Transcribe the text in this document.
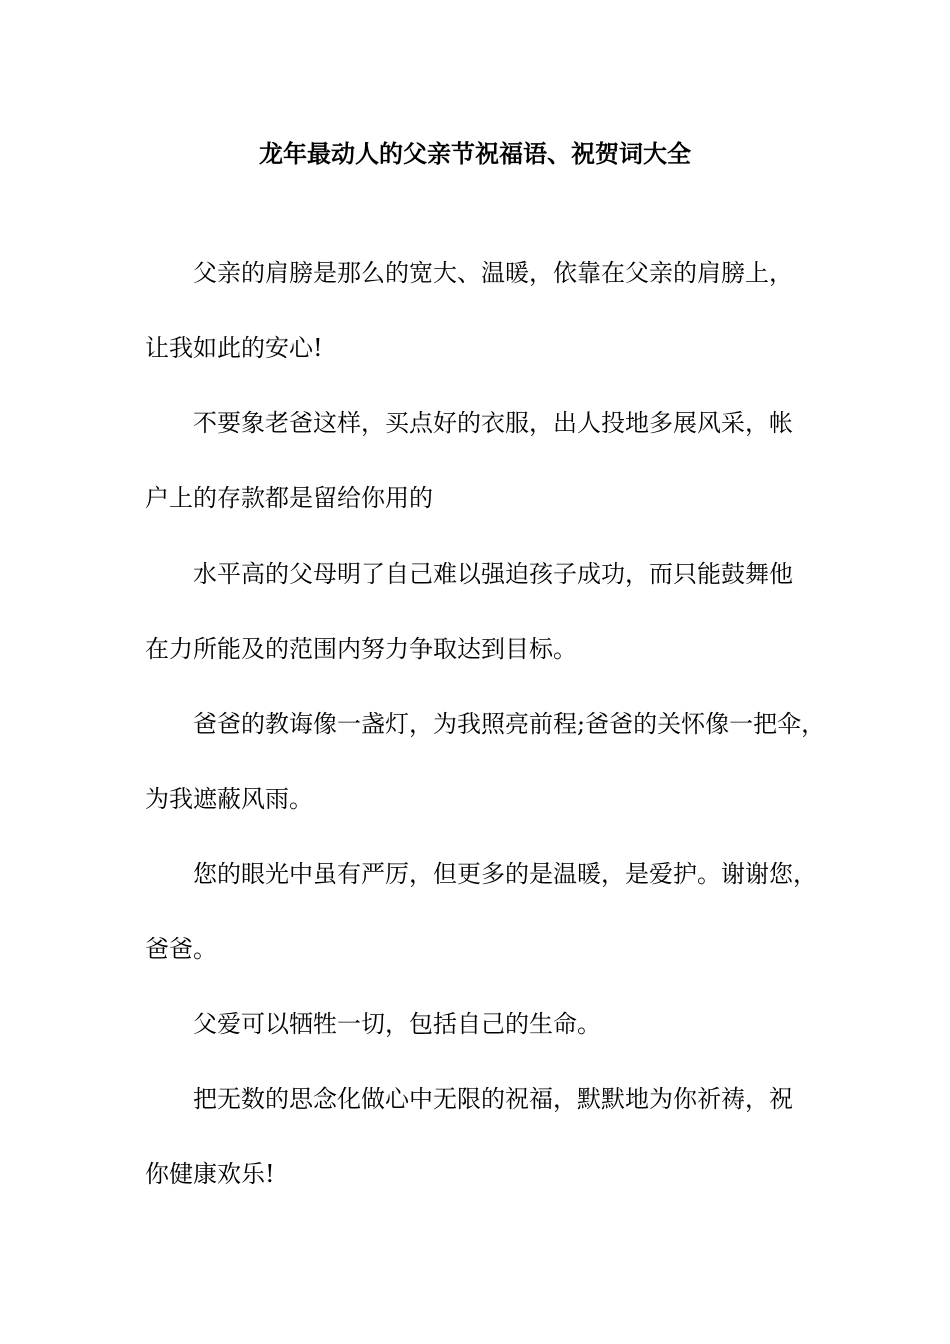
龙年最动人的父亲节祝福语、祝贺词大全
父亲的肩膀是那么的宽大、温暖，依靠在父亲的肩膀上，
让我如此的安心!
不要象老爸这样，买点好的衣服，出人投地多展风采，帐
户上的存款都是留给你用的
水平高的父母明了自己难以强迫孩子成功，而只能鼓舞他
在力所能及的范围内努力争取达到目标。
爸爸的教诲像一盏灯，为我照亮前程;爸爸的关怀像一把伞，
为我遮蔽风雨。
您的眼光中虽有严厉，但更多的是温暖，是爱护。谢谢您，
爸爸。
父爱可以牺牲一切，包括自己的生命。
把无数的思念化做心中无限的祝福，默默地为你祈祷，祝
你健康欢乐!
